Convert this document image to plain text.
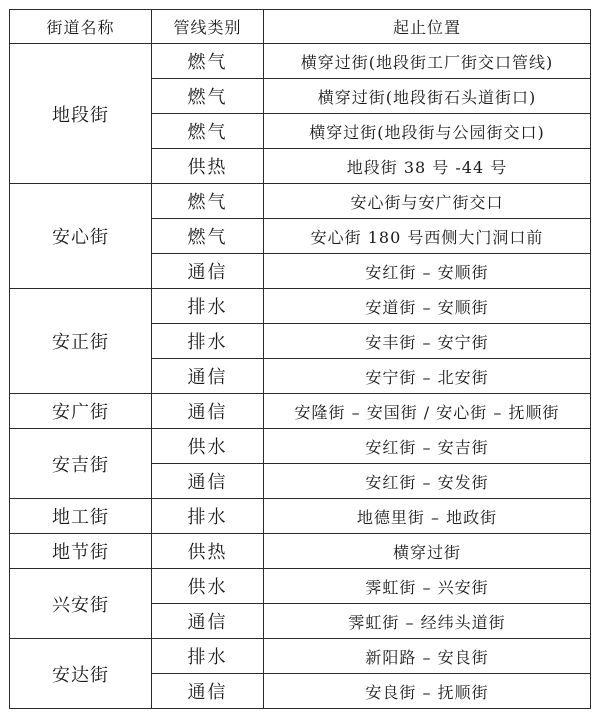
街道名称	管线类别	起止位置
地段街	燃气	横穿过街(地段街工厂街交口管线)
	燃气	横穿过街(地段街石头道街口)
	燃气	横穿过街(地段街与公园街交口)
	供热	地段街 38 号 -44 号
安心街	燃气	安心街与安广街交口
	燃气	安心街 180 号西侧大门洞口前
	通信	安红街 – 安顺街
安正街	排水	安道街 – 安顺街
	排水	安丰街 – 安宁街
	通信	安宁街 – 北安街
安广街	通信	安隆街 – 安国街 / 安心街 – 抚顺街
安吉街	供水	安红街 – 安吉街
	通信	安红街 – 安发街
地工街	排水	地德里街 – 地政街
地节街	供热	横穿过街
兴安街	供水	霁虹街 – 兴安街
	通信	霁虹街 – 经纬头道街
安达街	排水	新阳路 – 安良街
	通信	安良街 – 抚顺街
